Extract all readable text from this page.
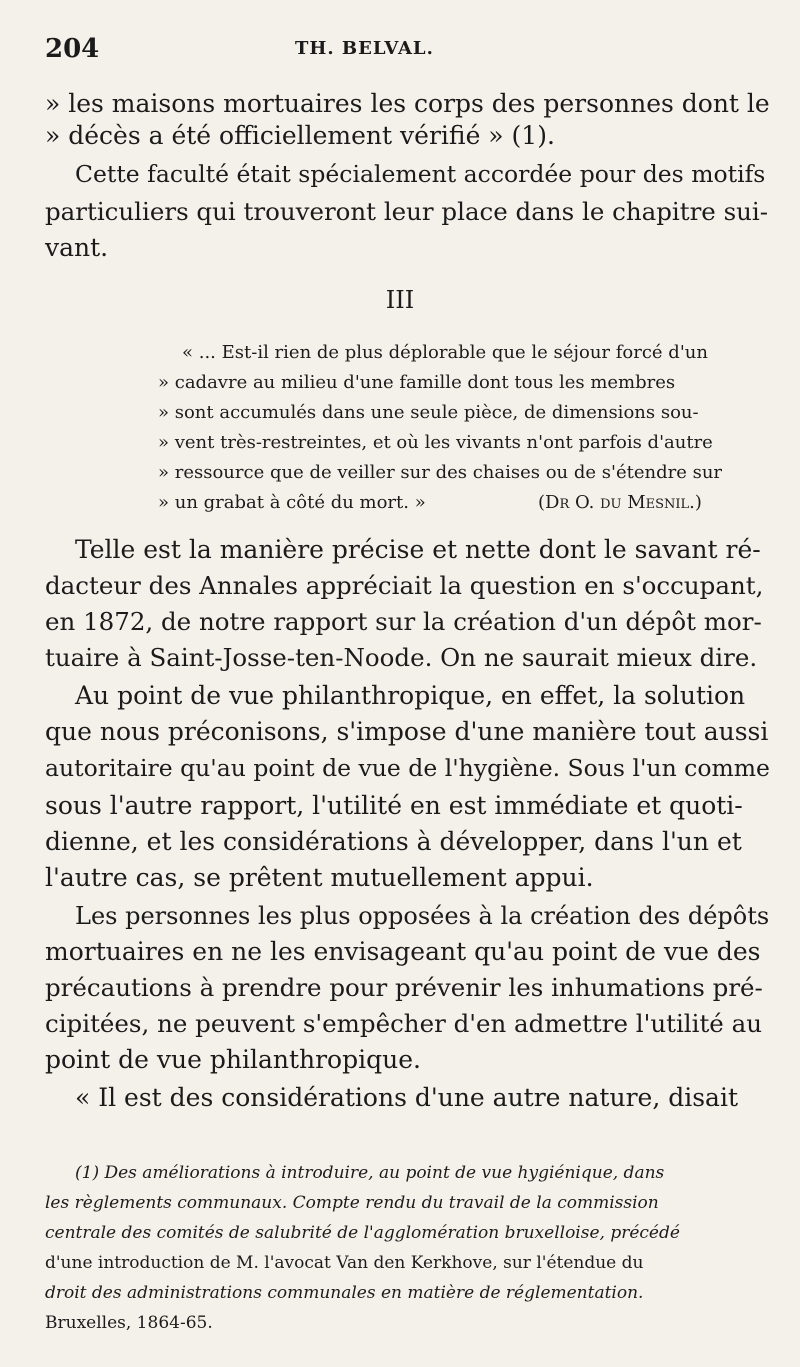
204	TH. BELVAL.
» les maisons mortuaires les corps des personnes dont le
» décès a été officiellement vérifié » (1).
Cette faculté était spécialement accordée pour des motifs
particuliers qui trouveront leur place dans le chapitre sui-
vant.
III
« ... Est-il rien de plus déplorable que le séjour forcé d'un
» cadavre au milieu d'une famille dont tous les membres
» sont accumulés dans une seule pièce, de dimensions sou-
» vent très-restreintes, et où les vivants n'ont parfois d'autre
» ressource que de veiller sur des chaises ou de s'étendre sur
» un grabat à côté du mort. »	(Dr O. du Mesnil.)
Telle est la manière précise et nette dont le savant ré-
dacteur des Annales appréciait la question en s'occupant,
en 1872, de notre rapport sur la création d'un dépôt mor-
tuaire à Saint-Josse-ten-Noode. On ne saurait mieux dire.
Au point de vue philanthropique, en effet, la solution
que nous préconisons, s'impose d'une manière tout aussi
autoritaire qu'au point de vue de l'hygiène. Sous l'un comme
sous l'autre rapport, l'utilité en est immédiate et quoti-
dienne, et les considérations à développer, dans l'un et
l'autre cas, se prêtent mutuellement appui.
Les personnes les plus opposées à la création des dépôts
mortuaires en ne les envisageant qu'au point de vue des
précautions à prendre pour prévenir les inhumations pré-
cipitées, ne peuvent s'empêcher d'en admettre l'utilité au
point de vue philanthropique.
« Il est des considérations d'une autre nature, disait
(1) Des améliorations à introduire, au point de vue hygiénique, dans
les règlements communaux. Compte rendu du travail de la commission
centrale des comités de salubrité de l'agglomération bruxelloise, précédé
d'une introduction de M. l'avocat Van den Kerkhove, sur l'étendue du
droit des administrations communales en matière de réglementation.
Bruxelles, 1864-65.
